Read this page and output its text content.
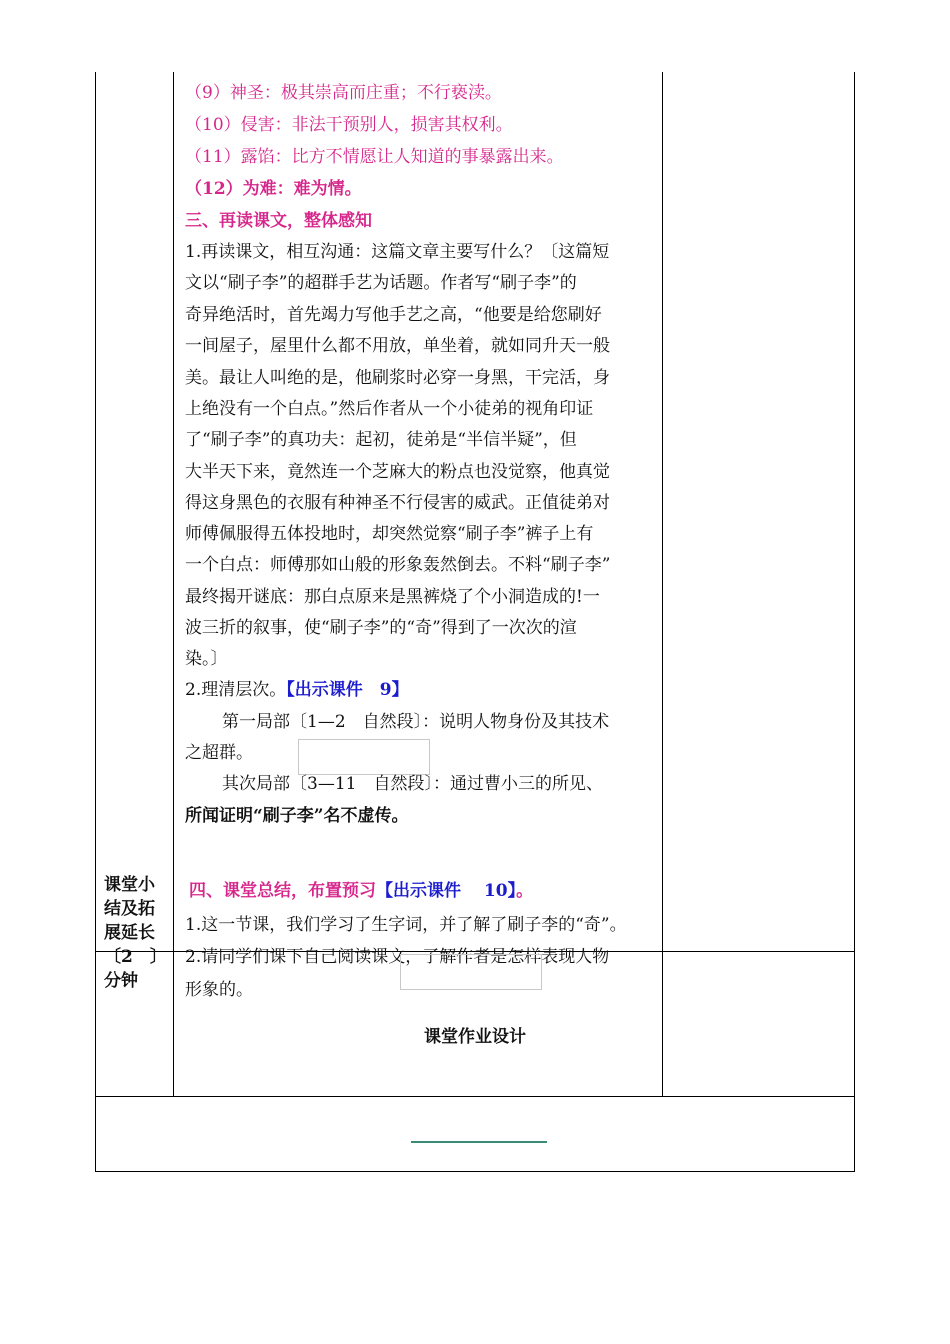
（9）神圣：极其崇高而庄重；不行亵渎。
（10）侵害：非法干预别人，损害其权利。
（11）露馅：比方不情愿让人知道的事暴露出来。
（12）为难：难为情。
三、再读课文，整体感知
1.再读课文，相互沟通：这篇文章主要写什么？〔这篇短
文以“刷子李”的超群手艺为话题。作者写“刷子李”的
奇异绝活时，首先竭力写他手艺之高，“他要是给您刷好
一间屋子，屋里什么都不用放，单坐着，就如同升天一般
美。最让人叫绝的是，他刷浆时必穿一身黑，干完活，身
上绝没有一个白点。”然后作者从一个小徒弟的视角印证
了“刷子李”的真功夫：起初，徒弟是“半信半疑”，但
大半天下来，竟然连一个芝麻大的粉点也没觉察，他真觉
得这身黑色的衣服有种神圣不行侵害的威武。正值徒弟对
师傅佩服得五体投地时，却突然觉察“刷子李”裤子上有
一个白点：师傅那如山般的形象轰然倒去。不料“刷子李”
最终揭开谜底：那白点原来是黑裤烧了个小洞造成的!一
波三折的叙事，使“刷子李”的“奇”得到了一次次的渲
染。〕
2.理清层次。【出示课件　9】
第一局部〔1—2　自然段〕：说明人物身份及其技术
之超群。
其次局部〔3—11　自然段〕：通过曹小三的所见、
所闻证明“刷子李”名不虚传。
课堂小结及拓展延长〔2　〕分钟
四、课堂总结，布置预习【出示课件　 10】。
1.这一节课，我们学习了生字词，并了解了刷子李的“奇”。
2.请同学们课下自己阅读课文，了解作者是怎样表现人物
形象的。
课堂作业设计
